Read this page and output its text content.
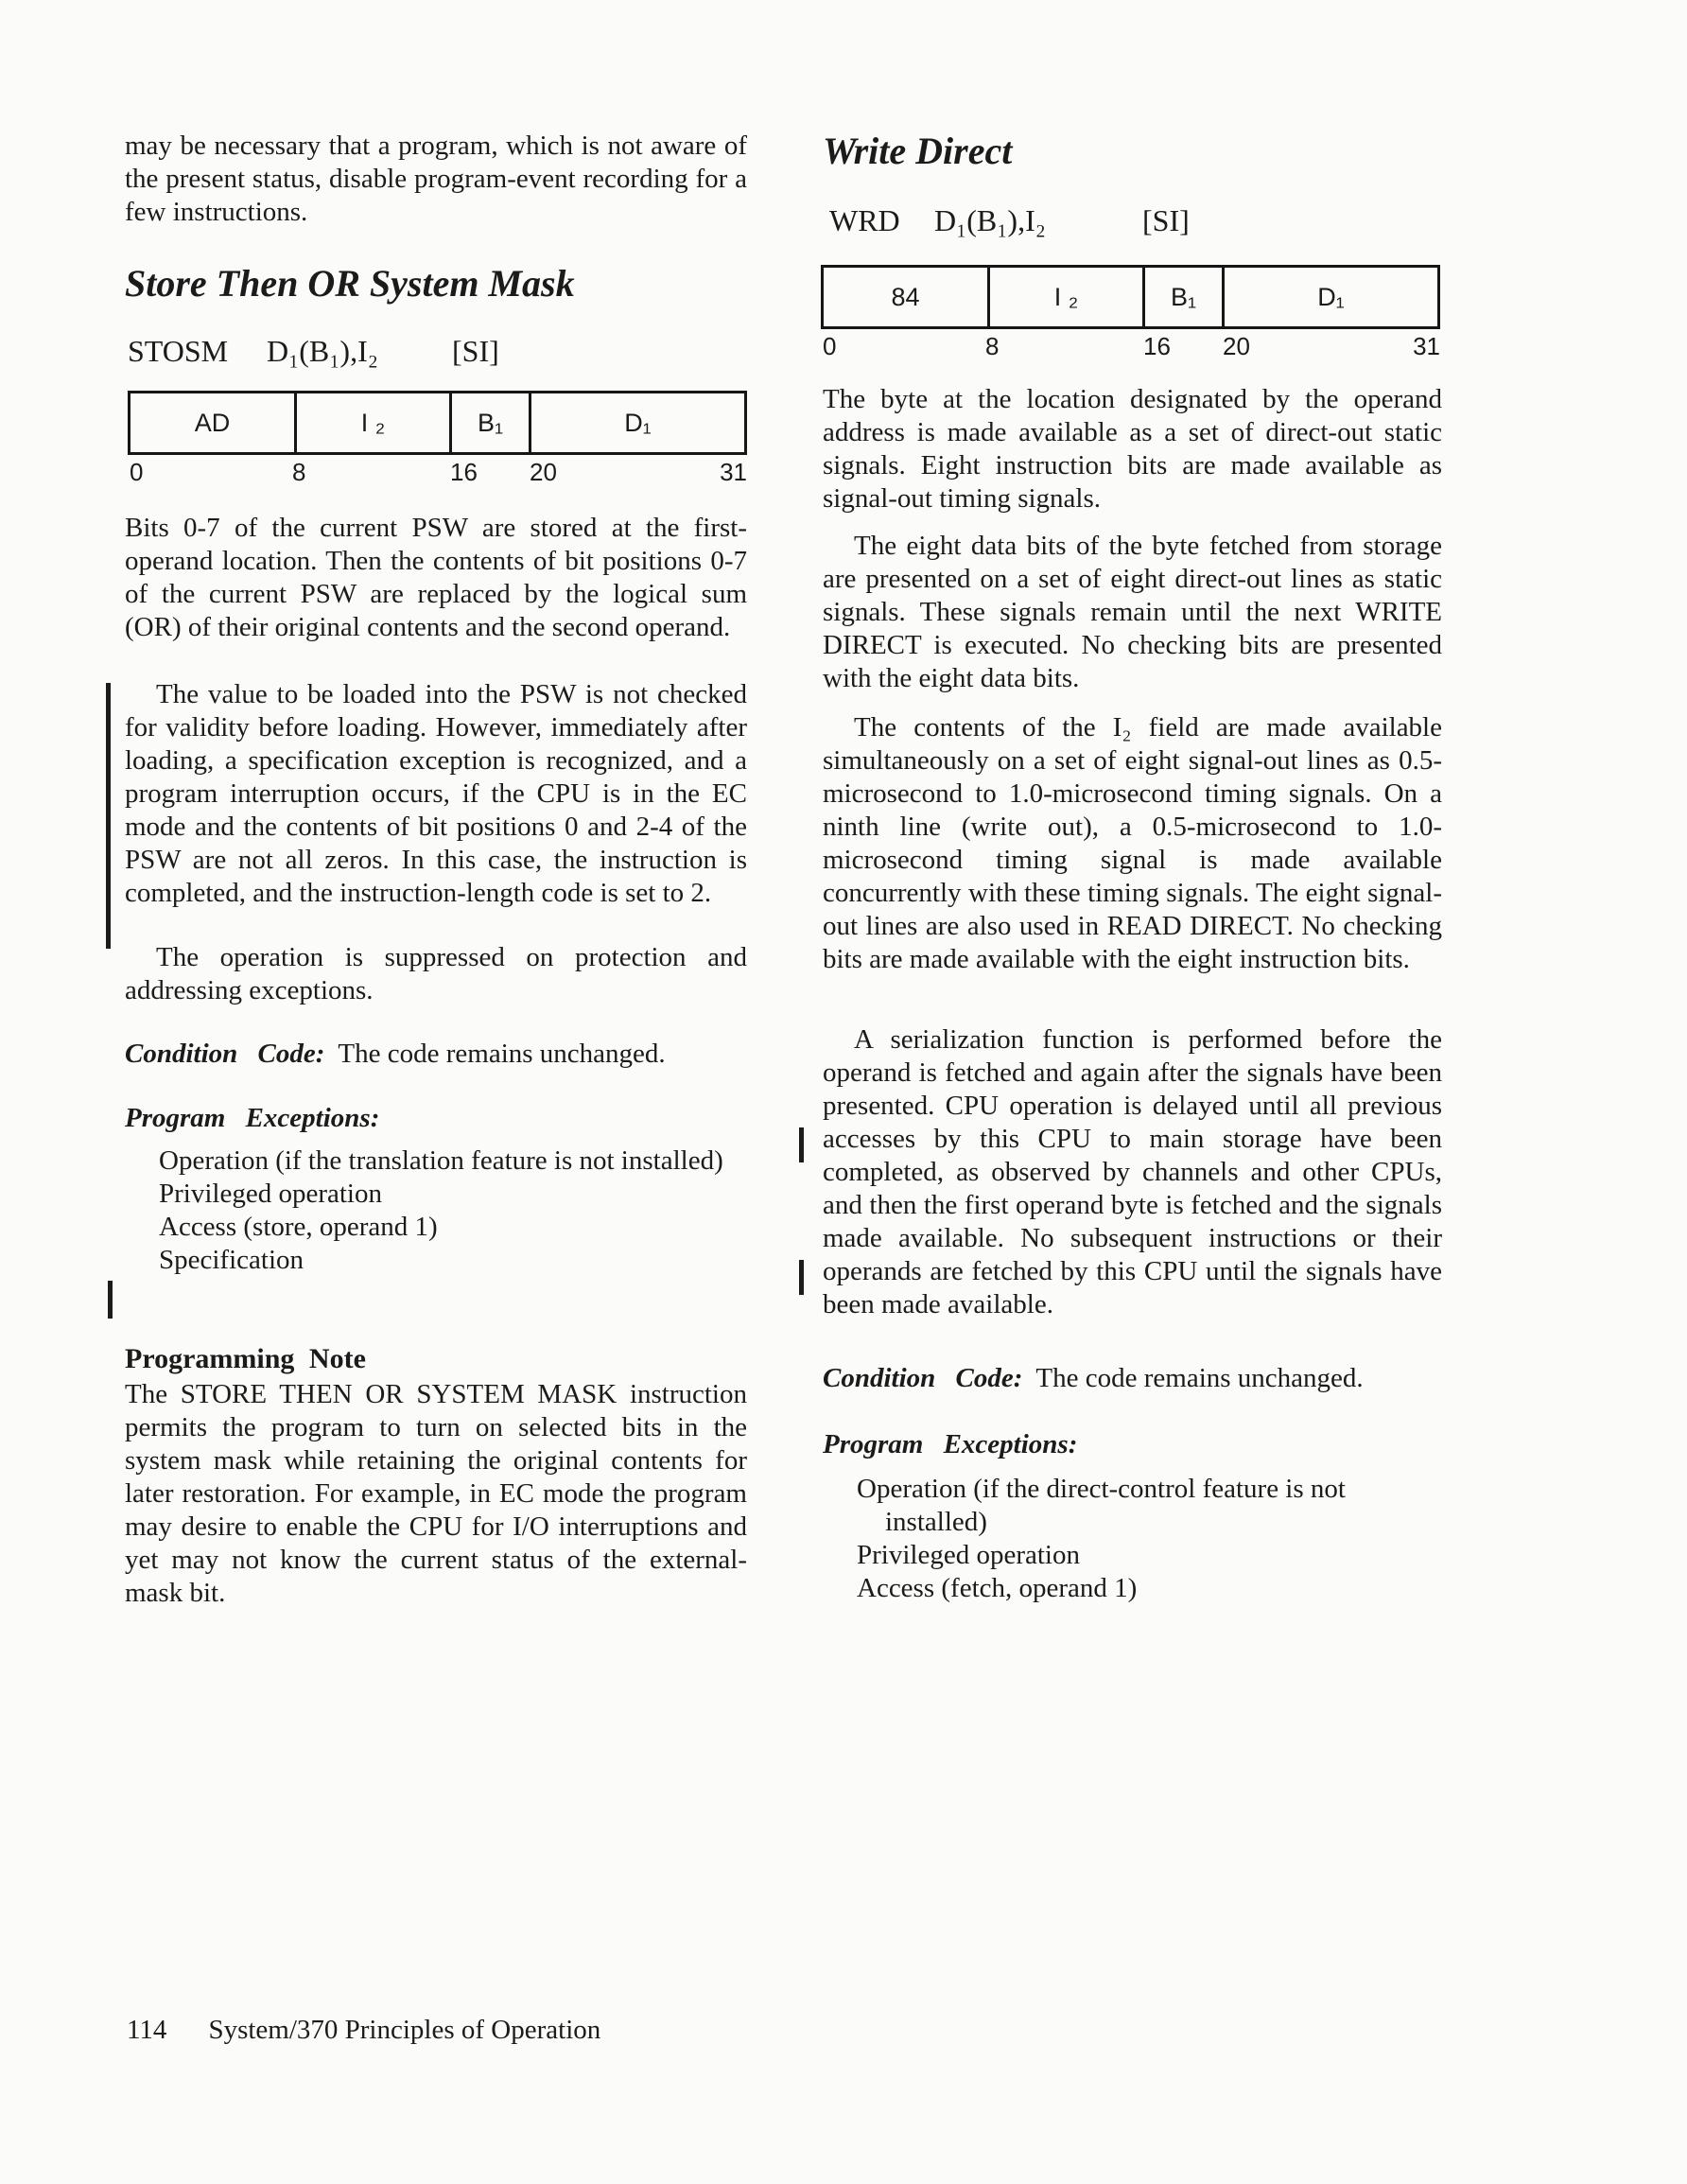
may be necessary that a program, which is not aware of the present status, disable program-event recording for a few instructions.
Store Then OR System Mask
STOSM D₁(B₁),I₂ [SI]
AD	I ₂	B₁	D₁
0	8	16 20	31
Bits 0-7 of the current PSW are stored at the first-operand location. Then the contents of bit positions 0-7 of the current PSW are replaced by the logical sum (OR) of their original contents and the second operand.
The value to be loaded into the PSW is not checked for validity before loading. However, immediately after loading, a specification exception is recognized, and a program interruption occurs, if the CPU is in the EC mode and the contents of bit positions 0 and 2-4 of the PSW are not all zeros. In this case, the instruction is completed, and the instruction-length code is set to 2.
The operation is suppressed on protection and addressing exceptions.
Condition Code: The code remains unchanged.
Program Exceptions:
Operation (if the translation feature is not installed)
Privileged operation
Access (store, operand 1)
Specification
Programming Note
The STORE THEN OR SYSTEM MASK instruction permits the program to turn on selected bits in the system mask while retaining the original contents for later restoration. For example, in EC mode the program may desire to enable the CPU for I/O interruptions and yet may not know the current status of the external-mask bit.
Write Direct
WRD D₁(B₁),I₂	[SI]
84	I ₂	B₁	D₁
0	8	16 20	31
The byte at the location designated by the operand address is made available as a set of direct-out static signals. Eight instruction bits are made available as signal-out timing signals.
The eight data bits of the byte fetched from storage are presented on a set of eight direct-out lines as static signals. These signals remain until the next WRITE DIRECT is executed. No checking bits are presented with the eight data bits.
The contents of the I₂ field are made available simultaneously on a set of eight signal-out lines as 0.5-microsecond to 1.0-microsecond timing signals. On a ninth line (write out), a 0.5-microsecond to 1.0-microsecond timing signal is made available concurrently with these timing signals. The eight signal-out lines are also used in READ DIRECT. No checking bits are made available with the eight instruction bits.
A serialization function is performed before the operand is fetched and again after the signals have been presented. CPU operation is delayed until all previous accesses by this CPU to main storage have been completed, as observed by channels and other CPUs, and then the first operand byte is fetched and the signals made available. No subsequent instructions or their operands are fetched by this CPU until the signals have been made available.
Condition Code: The code remains unchanged.
Program Exceptions:
Operation (if the direct-control feature is not installed)
Privileged operation
Access (fetch, operand 1)
114 System/370 Principles of Operation
